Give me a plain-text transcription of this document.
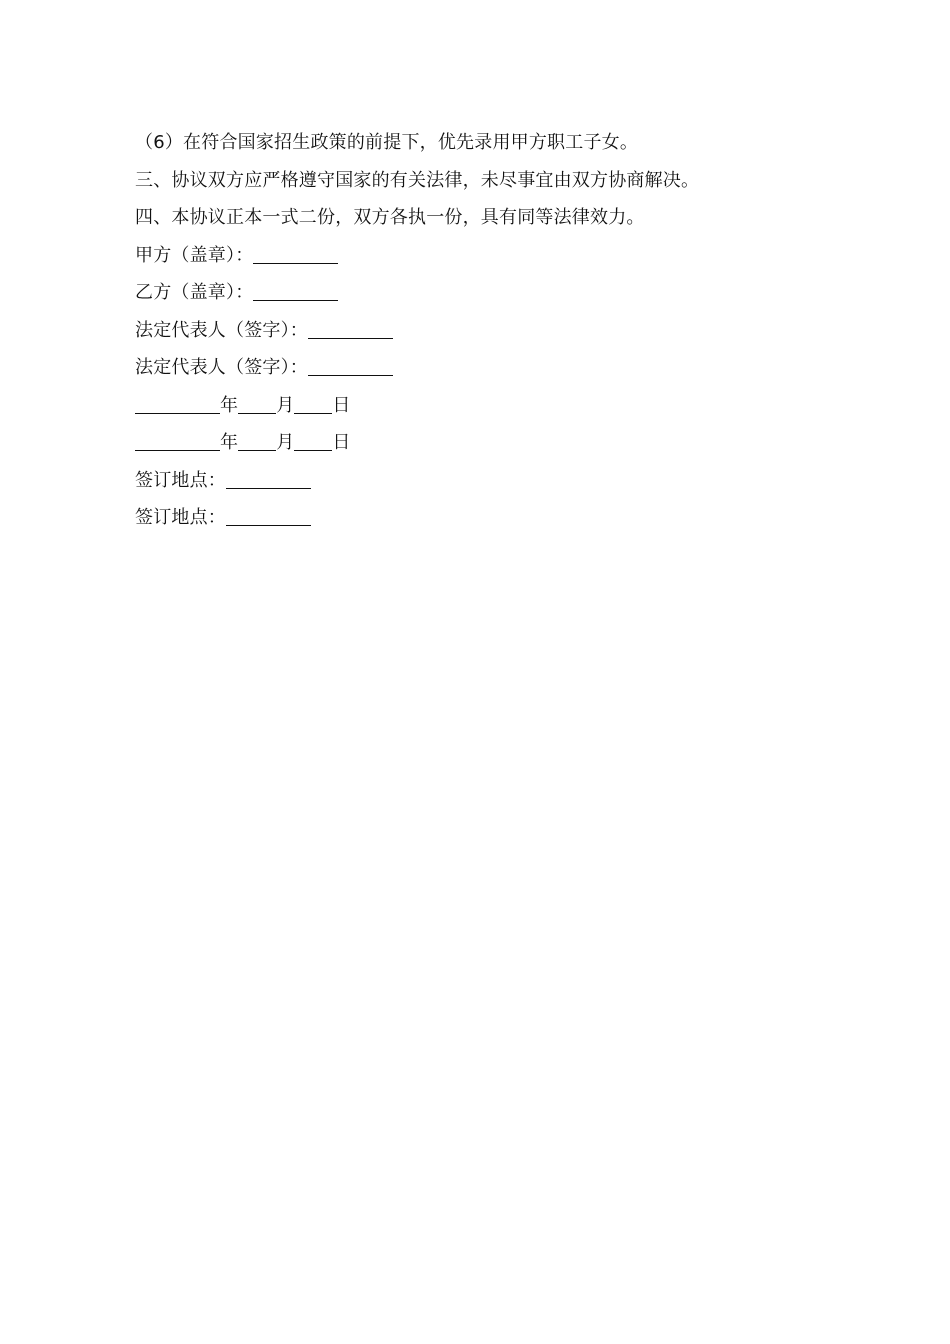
（6）在符合国家招生政策的前提下，优先录用甲方职工子女。
三、协议双方应严格遵守国家的有关法律，未尽事宜由双方协商解决。
四、本协议正本一式二份，双方各执一份，具有同等法律效力。
甲方（盖章）：
乙方（盖章）：
法定代表人（签字）：
法定代表人（签字）：
年 月 日
年 月 日
签订地点：
签订地点：
